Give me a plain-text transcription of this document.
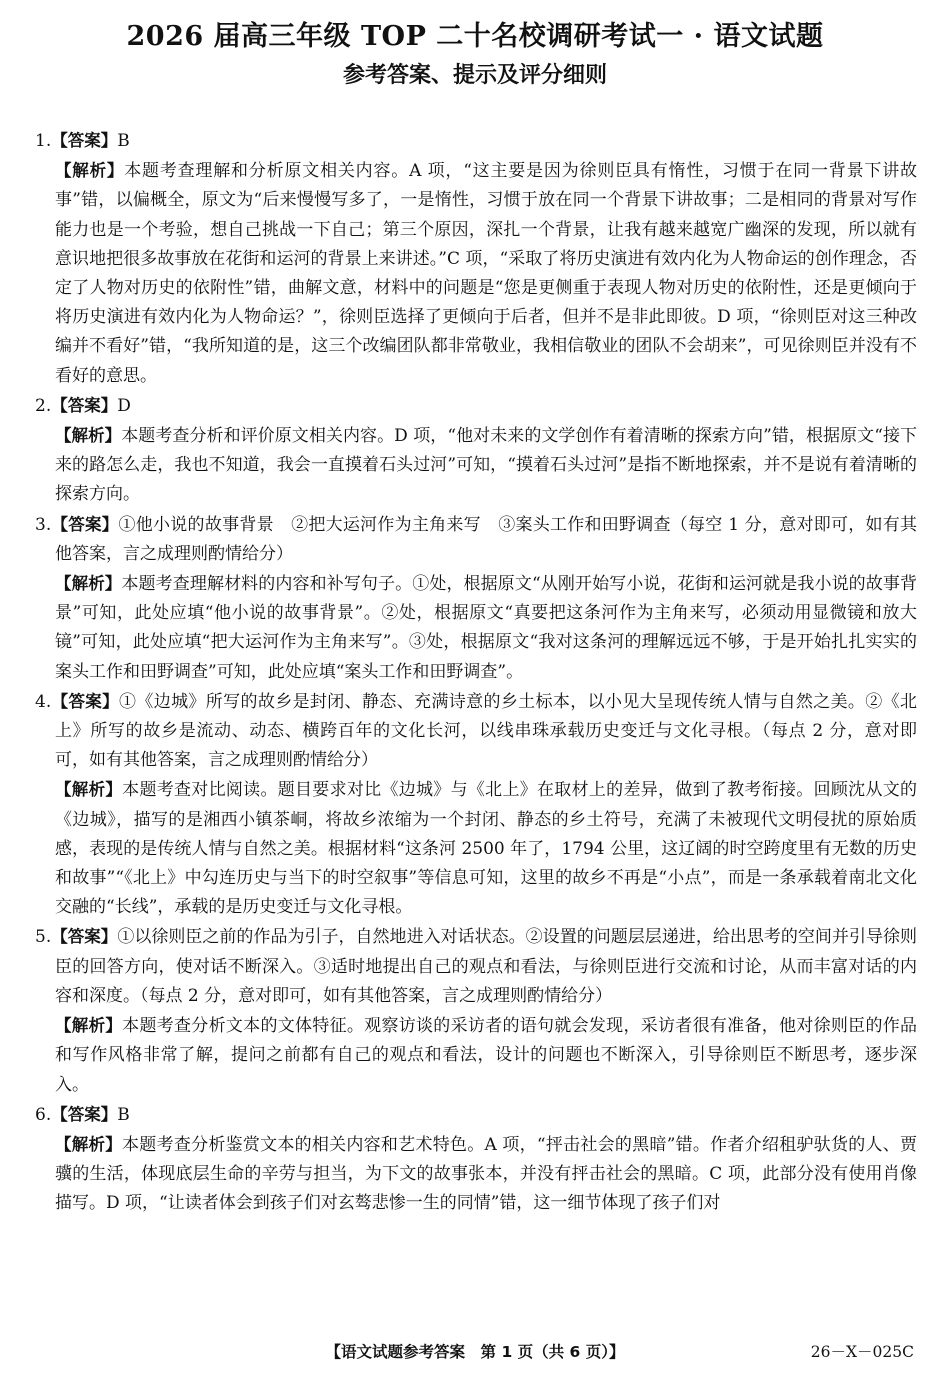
2026 届高三年级 TOP 二十名校调研考试一 · 语文试题
参考答案、提示及评分细则

1.【答案】B

【解析】本题考查理解和分析原文相关内容。A 项，“这主要是因为徐则臣具有惰性，习惯于在同一背景下讲故事”错，以偏概全，原文为“后来慢慢写多了，一是惰性，习惯于放在同一个背景下讲故事；二是相同的背景对写作能力也是一个考验，想自己挑战一下自己；第三个原因，深扎一个背景，让我有越来越宽广幽深的发现，所以就有意识地把很多故事放在花街和运河的背景上来讲述。”C 项，“采取了将历史演进有效内化为人物命运的创作理念，否定了人物对历史的依附性”错，曲解文意，材料中的问题是“您是更侧重于表现人物对历史的依附性，还是更倾向于将历史演进有效内化为人物命运？”，徐则臣选择了更倾向于后者，但并不是非此即彼。D 项，“徐则臣对这三种改编并不看好”错，“我所知道的是，这三个改编团队都非常敬业，我相信敬业的团队不会胡来”，可见徐则臣并没有不看好的意思。

2.【答案】D

【解析】本题考查分析和评价原文相关内容。D 项，“他对未来的文学创作有着清晰的探索方向”错，根据原文“接下来的路怎么走，我也不知道，我会一直摸着石头过河”可知，“摸着石头过河”是指不断地探索，并不是说有着清晰的探索方向。

3.【答案】①他小说的故事背景　②把大运河作为主角来写　③案头工作和田野调查（每空 1 分，意对即可，如有其他答案，言之成理则酌情给分）

【解析】本题考查理解材料的内容和补写句子。①处，根据原文“从刚开始写小说，花街和运河就是我小说的故事背景”可知，此处应填“他小说的故事背景”。②处，根据原文“真要把这条河作为主角来写，必须动用显微镜和放大镜”可知，此处应填“把大运河作为主角来写”。③处，根据原文“我对这条河的理解远远不够，于是开始扎扎实实的案头工作和田野调查”可知，此处应填“案头工作和田野调查”。

4.【答案】①《边城》所写的故乡是封闭、静态、充满诗意的乡土标本，以小见大呈现传统人情与自然之美。②《北上》所写的故乡是流动、动态、横跨百年的文化长河，以线串珠承载历史变迁与文化寻根。（每点 2 分，意对即可，如有其他答案，言之成理则酌情给分）

【解析】本题考查对比阅读。题目要求对比《边城》与《北上》在取材上的差异，做到了教考衔接。回顾沈从文的《边城》，描写的是湘西小镇茶峒，将故乡浓缩为一个封闭、静态的乡土符号，充满了未被现代文明侵扰的原始质感，表现的是传统人情与自然之美。根据材料“这条河 2500 年了，1794 公里，这辽阔的时空跨度里有无数的历史和故事”“《北上》中勾连历史与当下的时空叙事”等信息可知，这里的故乡不再是“小点”，而是一条承载着南北文化交融的“长线”，承载的是历史变迁与文化寻根。

5.【答案】①以徐则臣之前的作品为引子，自然地进入对话状态。②设置的问题层层递进，给出思考的空间并引导徐则臣的回答方向，使对话不断深入。③适时地提出自己的观点和看法，与徐则臣进行交流和讨论，从而丰富对话的内容和深度。（每点 2 分，意对即可，如有其他答案，言之成理则酌情给分）

【解析】本题考查分析文本的文体特征。观察访谈的采访者的语句就会发现，采访者很有准备，他对徐则臣的作品和写作风格非常了解，提问之前都有自己的观点和看法，设计的问题也不断深入，引导徐则臣不断思考，逐步深入。

6.【答案】B

【解析】本题考查分析鉴赏文本的相关内容和艺术特色。A 项，“抨击社会的黑暗”错。作者介绍租驴驮货的人、贾骥的生活，体现底层生命的辛劳与担当，为下文的故事张本，并没有抨击社会的黑暗。C 项，此部分没有使用肖像描写。D 项，“让读者体会到孩子们对玄骜悲惨一生的同情”错，这一细节体现了孩子们对

【语文试题参考答案　第 1 页（共 6 页）】	26－X－025C
